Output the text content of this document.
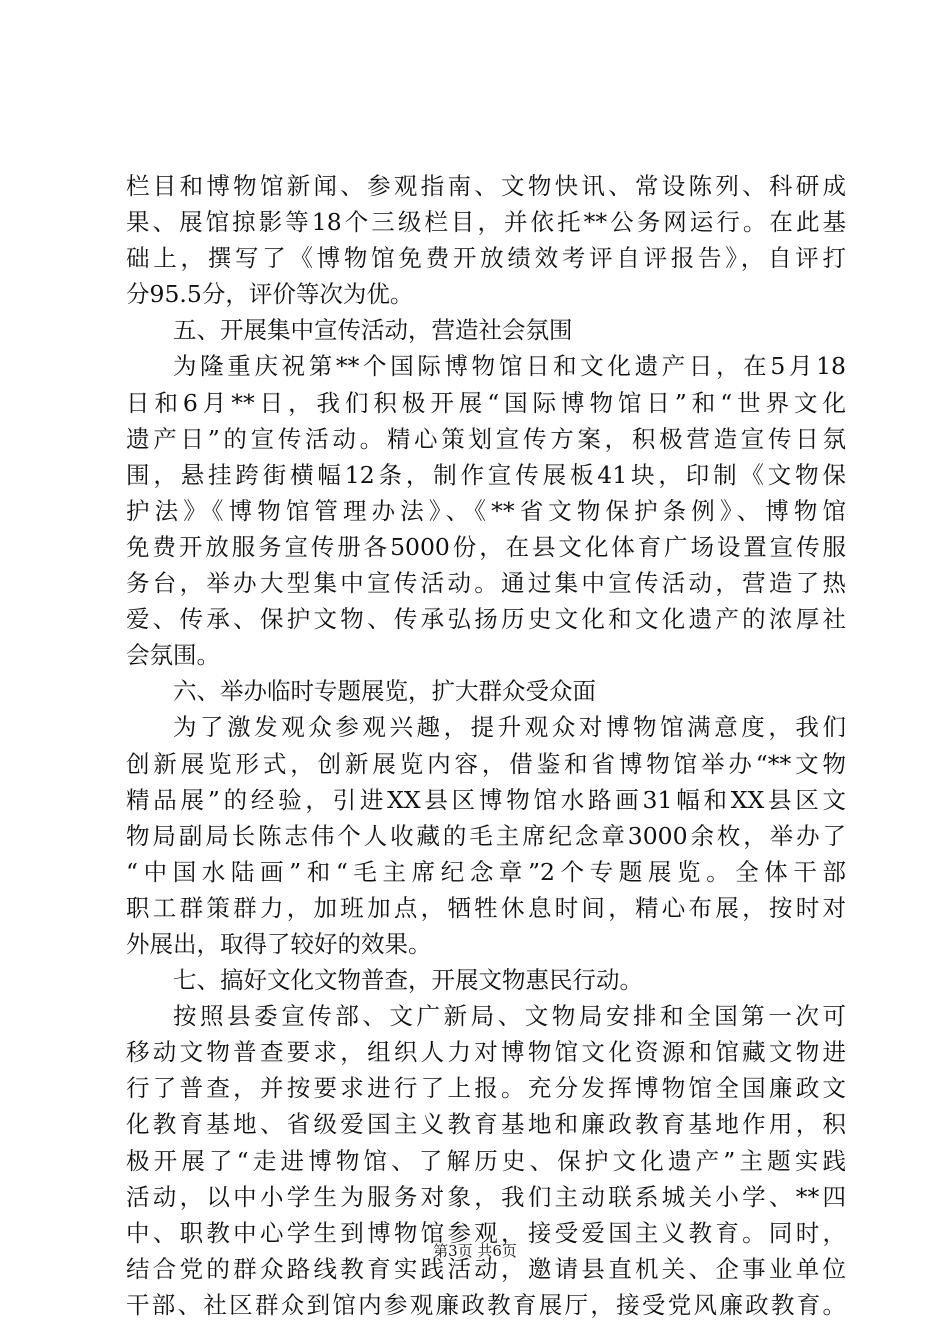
栏目和博物馆新闻、参观指南、文物快讯、常设陈列、科研成
果、展馆掠影等18个三级栏目，并依托**公务网运行。在此基
础上，撰写了《博物馆免费开放绩效考评自评报告》，自评打
分95.5分，评价等次为优。
五、开展集中宣传活动，营造社会氛围
为隆重庆祝第**个国际博物馆日和文化遗产日，在5月18
日和6月**日，我们积极开展“国际博物馆日”和“世界文化
遗产日”的宣传活动。精心策划宣传方案，积极营造宣传日氛
围，悬挂跨街横幅12条，制作宣传展板41块，印制《文物保
护法》《博物馆管理办法》、《**省文物保护条例》、博物馆
免费开放服务宣传册各5000份，在县文化体育广场设置宣传服
务台，举办大型集中宣传活动。通过集中宣传活动，营造了热
爱、传承、保护文物、传承弘扬历史文化和文化遗产的浓厚社
会氛围。
六、举办临时专题展览，扩大群众受众面
为了激发观众参观兴趣，提升观众对博物馆满意度，我们
创新展览形式，创新展览内容，借鉴和省博物馆举办“**文物
精品展”的经验，引进XX县区博物馆水路画31幅和XX县区文
物局副局长陈志伟个人收藏的毛主席纪念章3000余枚，举办了
“中国水陆画”和“毛主席纪念章”2个专题展览。全体干部
职工群策群力，加班加点，牺牲休息时间，精心布展，按时对
外展出，取得了较好的效果。
七、搞好文化文物普查，开展文物惠民行动。
按照县委宣传部、文广新局、文物局安排和全国第一次可
移动文物普查要求，组织人力对博物馆文化资源和馆藏文物进
行了普查，并按要求进行了上报。充分发挥博物馆全国廉政文
化教育基地、省级爱国主义教育基地和廉政教育基地作用，积
极开展了“走进博物馆、了解历史、保护文化遗产”主题实践
活动，以中小学生为服务对象，我们主动联系城关小学、**四
中、职教中心学生到博物馆参观，接受爱国主义教育。同时，
结合党的群众路线教育实践活动，邀请县直机关、企事业单位
干部、社区群众到馆内参观廉政教育展厅，接受党风廉政教育。
第3页 共6页
